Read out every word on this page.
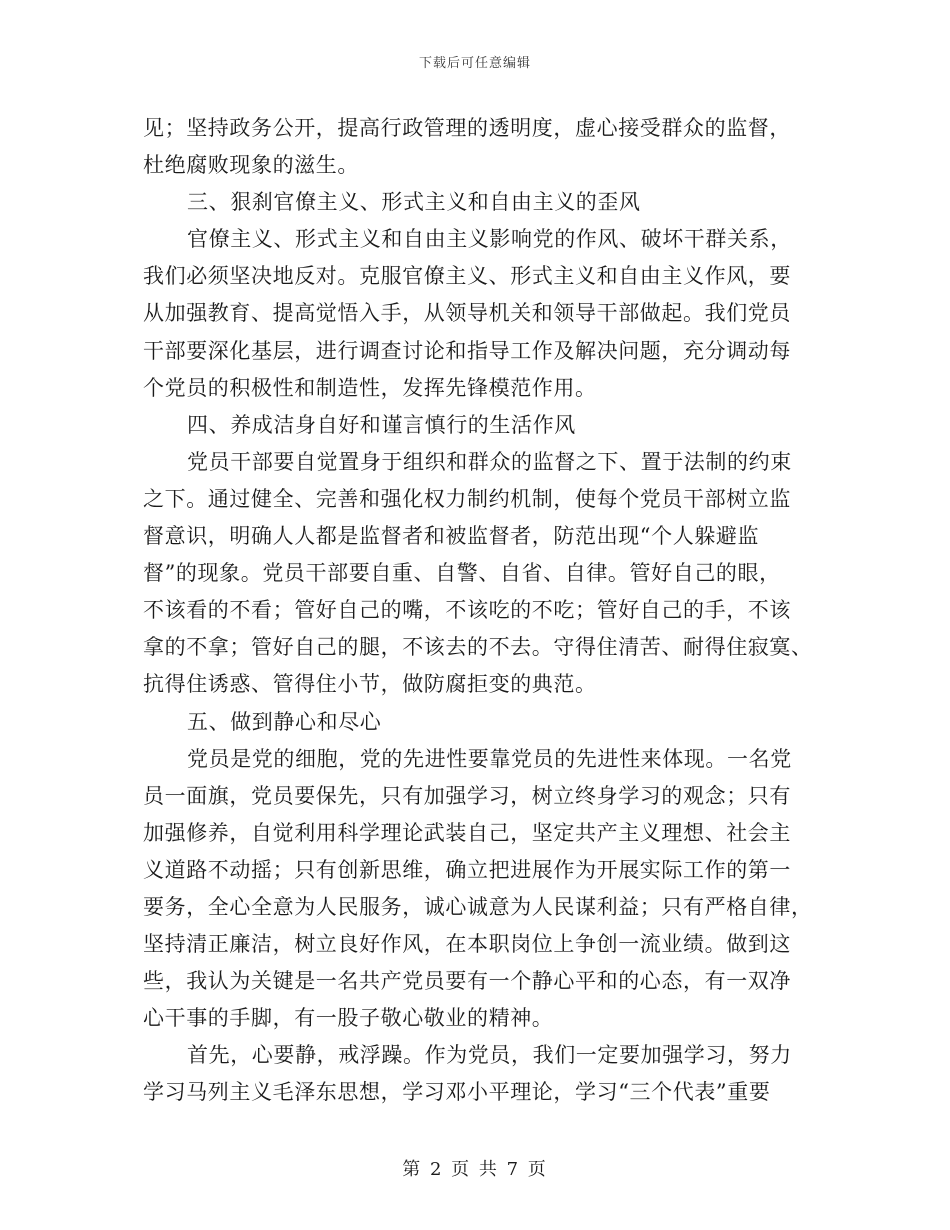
下载后可任意编辑
见；坚持政务公开，提高行政管理的透明度，虚心接受群众的监督，
杜绝腐败现象的滋生。
三、狠刹官僚主义、形式主义和自由主义的歪风
官僚主义、形式主义和自由主义影响党的作风、破坏干群关系，
我们必须坚决地反对。克服官僚主义、形式主义和自由主义作风，要
从加强教育、提高觉悟入手，从领导机关和领导干部做起。我们党员
干部要深化基层，进行调查讨论和指导工作及解决问题，充分调动每
个党员的积极性和制造性，发挥先锋模范作用。
四、养成洁身自好和谨言慎行的生活作风
党员干部要自觉置身于组织和群众的监督之下、置于法制的约束
之下。通过健全、完善和强化权力制约机制，使每个党员干部树立监
督意识，明确人人都是监督者和被监督者，防范出现“个人躲避监
督”的现象。党员干部要自重、自警、自省、自律。管好自己的眼，
不该看的不看；管好自己的嘴，不该吃的不吃；管好自己的手，不该
拿的不拿；管好自己的腿，不该去的不去。守得住清苦、耐得住寂寞、
抗得住诱惑、管得住小节，做防腐拒变的典范。
五、做到静心和尽心
党员是党的细胞，党的先进性要靠党员的先进性来体现。一名党
员一面旗，党员要保先，只有加强学习，树立终身学习的观念；只有
加强修养，自觉利用科学理论武装自己，坚定共产主义理想、社会主
义道路不动摇；只有创新思维，确立把进展作为开展实际工作的第一
要务，全心全意为人民服务，诚心诚意为人民谋利益；只有严格自律，
坚持清正廉洁，树立良好作风，在本职岗位上争创一流业绩。做到这
些，我认为关键是一名共产党员要有一个静心平和的心态，有一双净
心干事的手脚，有一股子敬心敬业的精神。
首先，心要静，戒浮躁。作为党员，我们一定要加强学习，努力
学习马列主义毛泽东思想，学习邓小平理论，学习“三个代表”重要
第 2 页 共 7 页
